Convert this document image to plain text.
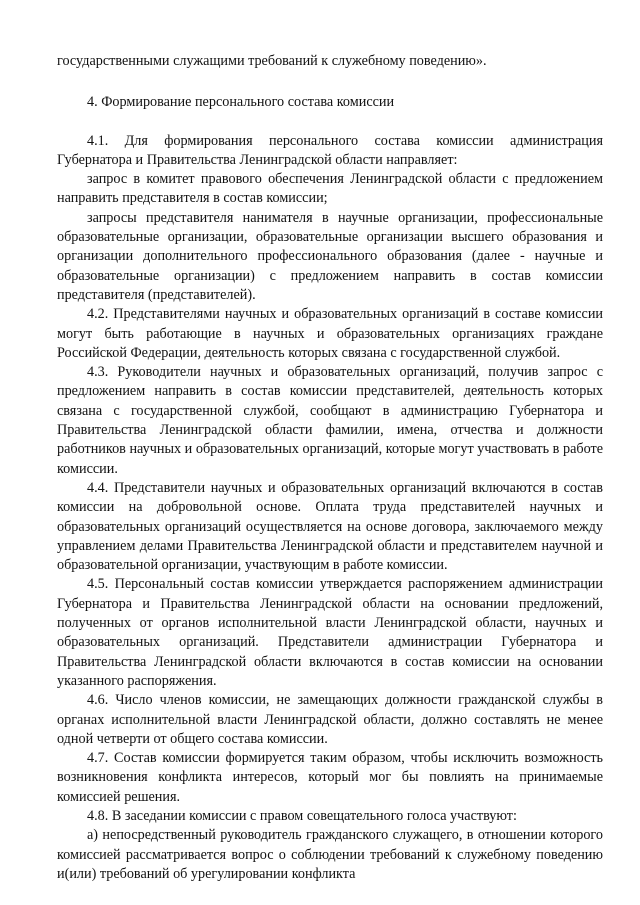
государственными служащими требований к служебному поведению».

4. Формирование персонального состава комиссии

4.1. Для формирования персонального состава комиссии администрация Губернатора и Правительства Ленинградской области направляет:

запрос в комитет правового обеспечения Ленинградской области с предложением направить представителя в состав комиссии;

запросы представителя нанимателя в научные организации, профессиональные образовательные организации, образовательные организации высшего образования и организации дополнительного профессионального образования (далее - научные и образовательные организации) с предложением направить в состав комиссии представителя (представителей).

4.2. Представителями научных и образовательных организаций в составе комиссии могут быть работающие в научных и образовательных организациях граждане Российской Федерации, деятельность которых связана с государственной службой.

4.3. Руководители научных и образовательных организаций, получив запрос с предложением направить в состав комиссии представителей, деятельность которых связана с государственной службой, сообщают в администрацию Губернатора и Правительства Ленинградской области фамилии, имена, отчества и должности работников научных и образовательных организаций, которые могут участвовать в работе комиссии.

4.4. Представители научных и образовательных организаций включаются в состав комиссии на добровольной основе. Оплата труда представителей научных и образовательных организаций осуществляется на основе договора, заключаемого между управлением делами Правительства Ленинградской области и представителем научной и образовательной организации, участвующим в работе комиссии.

4.5. Персональный состав комиссии утверждается распоряжением администрации Губернатора и Правительства Ленинградской области на основании предложений, полученных от органов исполнительной власти Ленинградской области, научных и образовательных организаций. Представители администрации Губернатора и Правительства Ленинградской области включаются в состав комиссии на основании указанного распоряжения.

4.6. Число членов комиссии, не замещающих должности гражданской службы в органах исполнительной власти Ленинградской области, должно составлять не менее одной четверти от общего состава комиссии.

4.7. Состав комиссии формируется таким образом, чтобы исключить возможность возникновения конфликта интересов, который мог бы повлиять на принимаемые комиссией решения.

4.8. В заседании комиссии с правом совещательного голоса участвуют:

а) непосредственный руководитель гражданского служащего, в отношении которого комиссией рассматривается вопрос о соблюдении требований к служебному поведению и(или) требований об урегулировании конфликта
